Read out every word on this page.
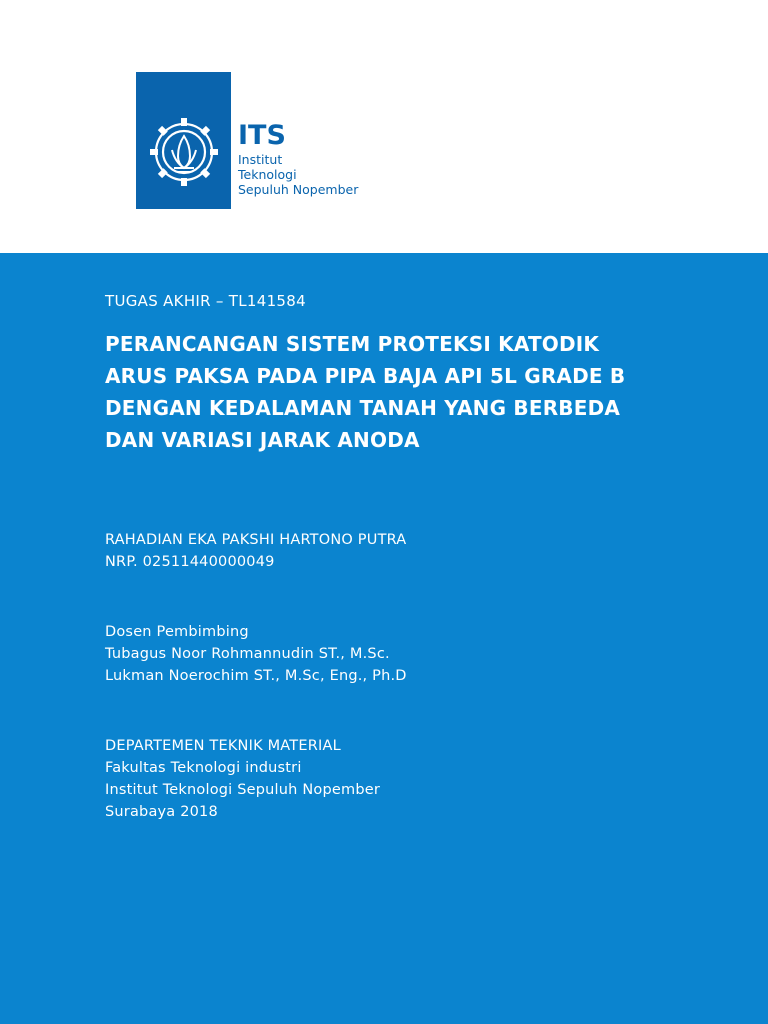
ITS
Institut
Teknologi
Sepuluh Nopember
TUGAS AKHIR – TL141584
PERANCANGAN SISTEM PROTEKSI KATODIK
ARUS PAKSA PADA PIPA BAJA API 5L GRADE B
DENGAN KEDALAMAN TANAH YANG BERBEDA
DAN VARIASI JARAK ANODA
RAHADIAN EKA PAKSHI HARTONO PUTRA
NRP. 02511440000049
Dosen Pembimbing
Tubagus Noor Rohmannudin ST., M.Sc.
Lukman Noerochim ST., M.Sc, Eng., Ph.D
DEPARTEMEN TEKNIK MATERIAL
Fakultas Teknologi industri
Institut Teknologi Sepuluh Nopember
Surabaya 2018
